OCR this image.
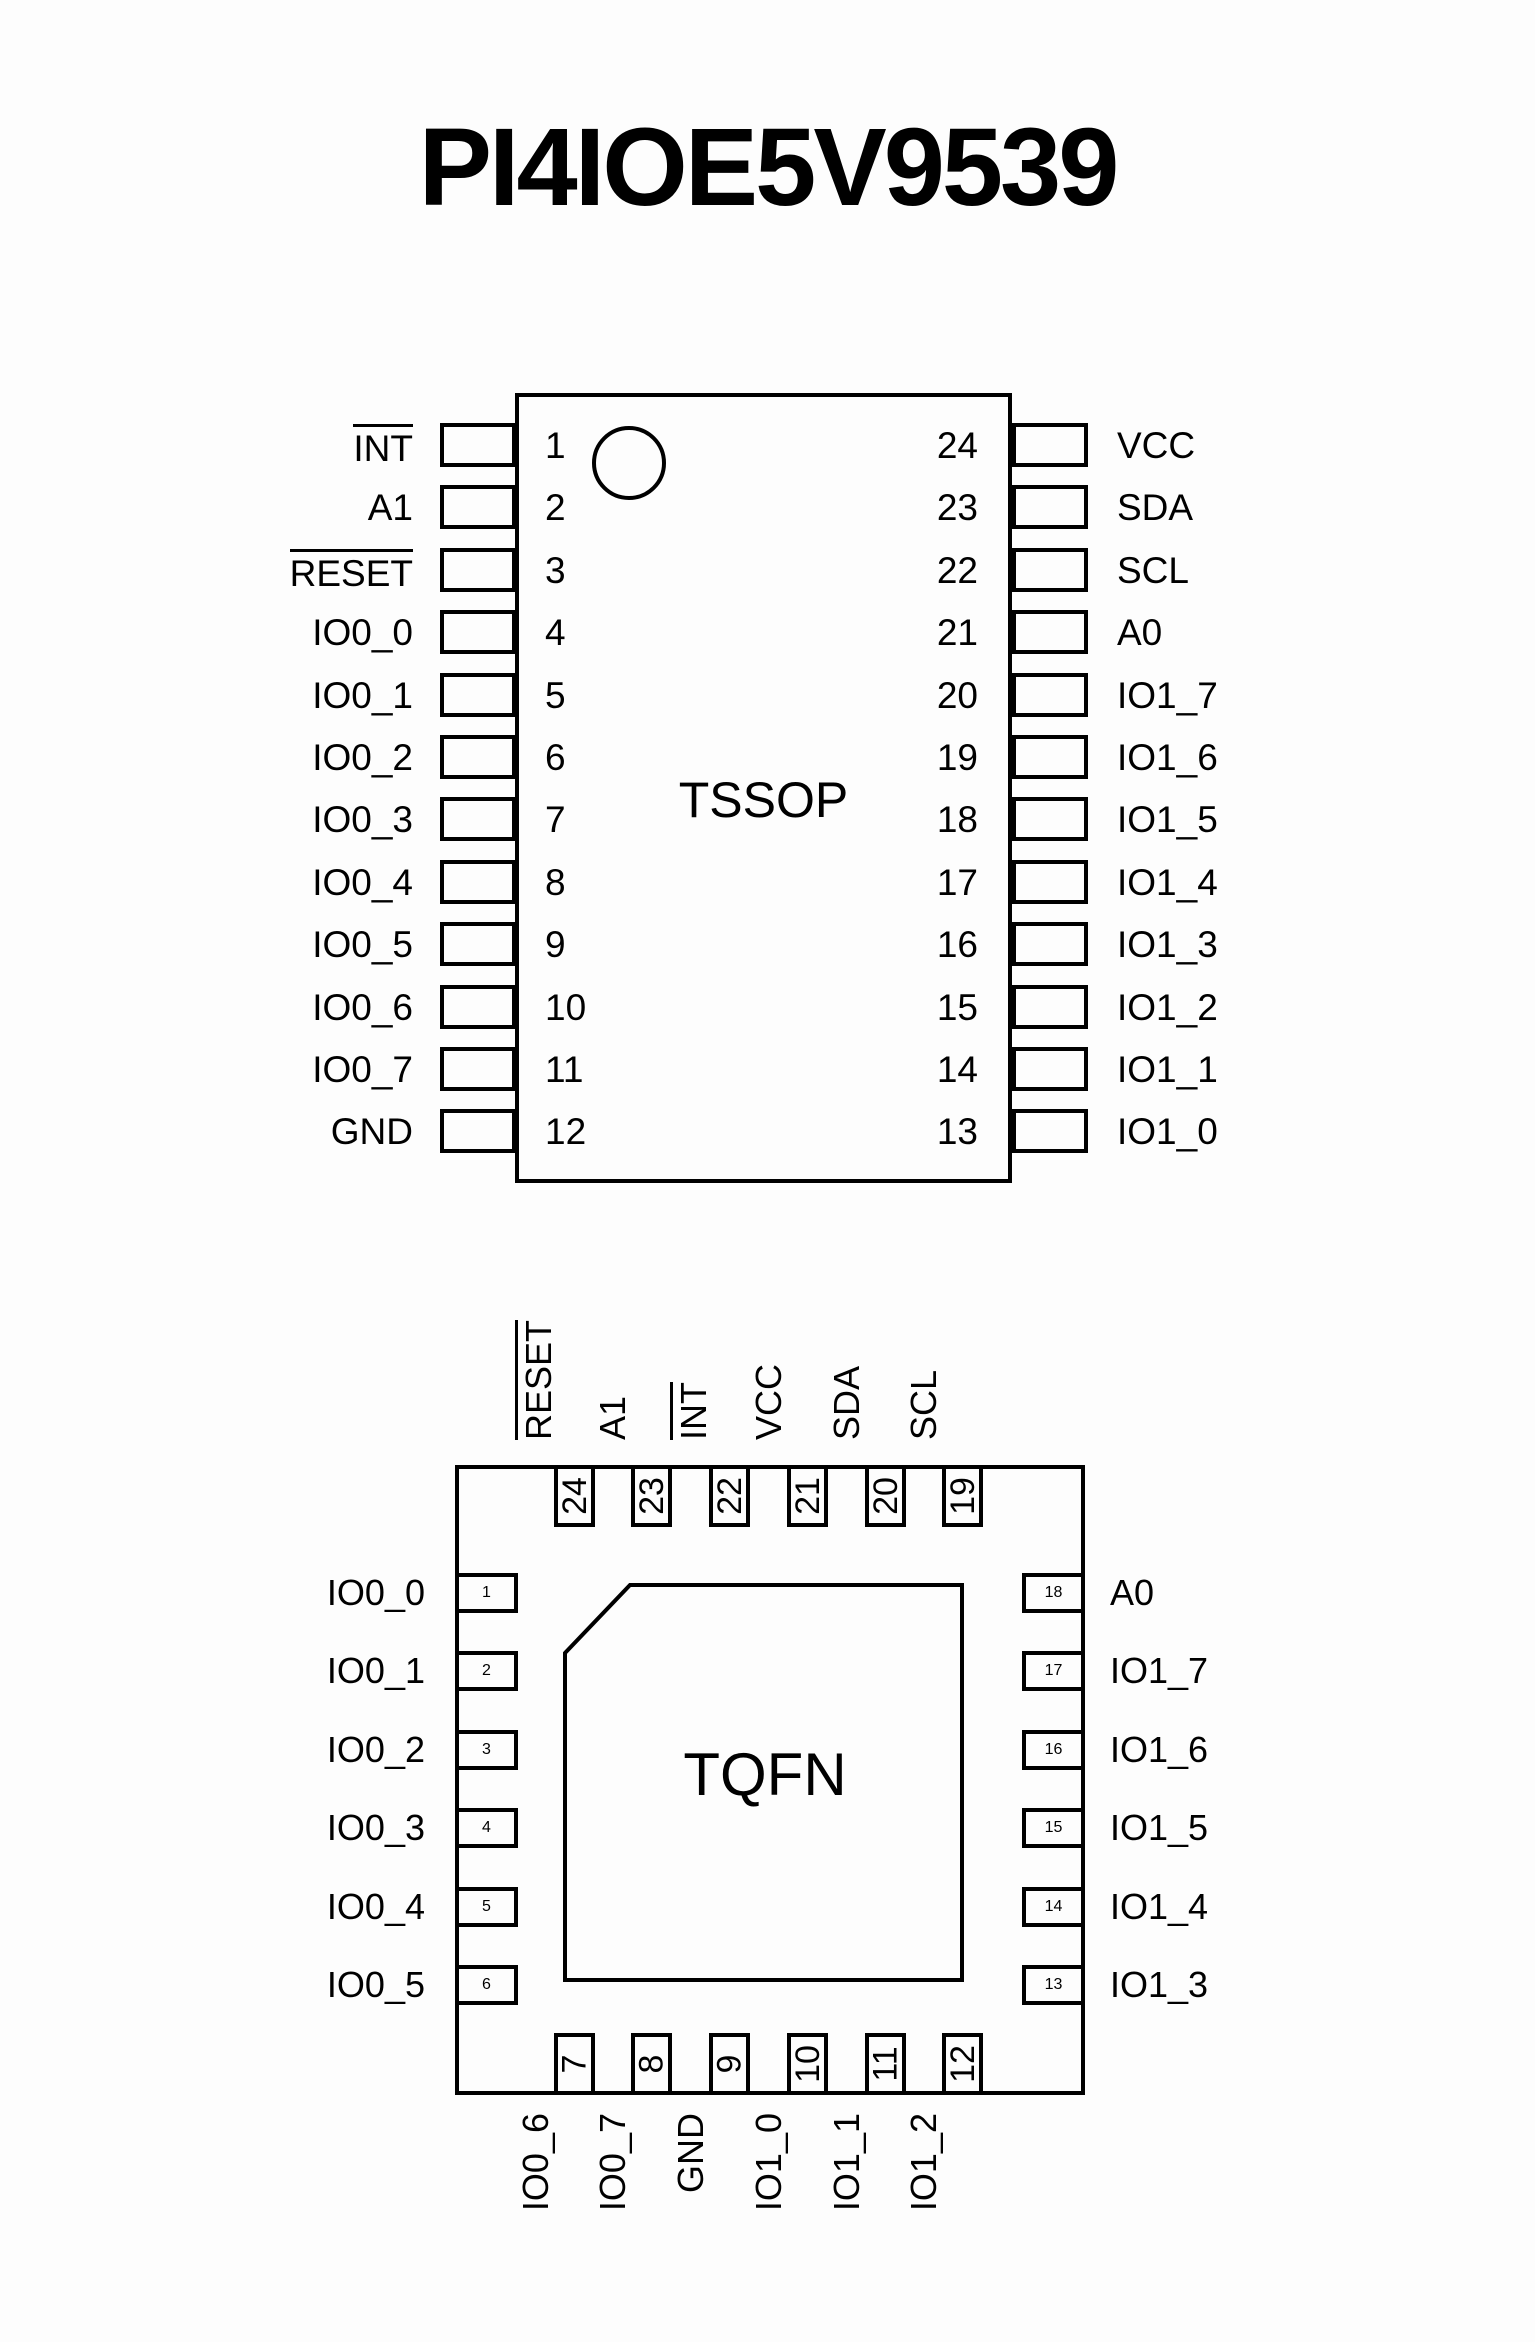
PI4IOE5V9539
TSSOP
TQFN
INT	1
A1	2
RESET	3
IO0_0	4
IO0_1	5
IO0_2	6
IO0_3	7
IO0_4	8
IO0_5	9
IO0_6	10
IO0_7	11
GND	12
24	VCC
23	SDA
22	SCL
21	A0
20	IO1_7
19	IO1_6
18	IO1_5
17	IO1_4
16	IO1_3
15	IO1_2
14	IO1_1
13	IO1_0
24
RESET
23
A1
22
INT
21
VCC
20
SDA
19
SCL
7
IO0_6
8
IO0_7
9
GND
10
IO1_0
11
IO1_1
12
IO1_2
IO0_0	1
IO0_1	2
IO0_2	3
IO0_3	4
IO0_4	5
IO0_5	6
18 A0
17 IO1_7
16 IO1_6
15 IO1_5
14 IO1_4
13 IO1_3
